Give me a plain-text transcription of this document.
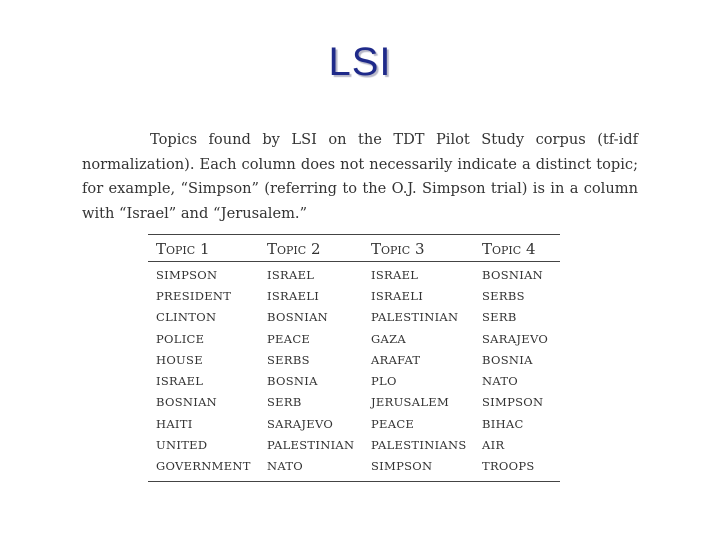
LSI
Topics found by LSI on the TDT Pilot Study corpus (tf-idf normalization). Each column does not necessarily indicate a distinct topic; for example, “Simpson” (referring to the O.J. Simpson trial) is in a column with “Israel” and “Jerusalem.”
Topic 1	Topic 2	Topic 3	Topic 4
SIMPSON	ISRAEL	ISRAEL	BOSNIAN
PRESIDENT	ISRAELI	ISRAELI	SERBS
CLINTON	BOSNIAN	PALESTINIAN	SERB
POLICE	PEACE	GAZA	SARAJEVO
HOUSE	SERBS	ARAFAT	BOSNIA
ISRAEL	BOSNIA	PLO	NATO
BOSNIAN	SERB	JERUSALEM	SIMPSON
HAITI	SARAJEVO	PEACE	BIHAC
UNITED	PALESTINIAN	PALESTINIANS	AIR
GOVERNMENT	NATO	SIMPSON	TROOPS
